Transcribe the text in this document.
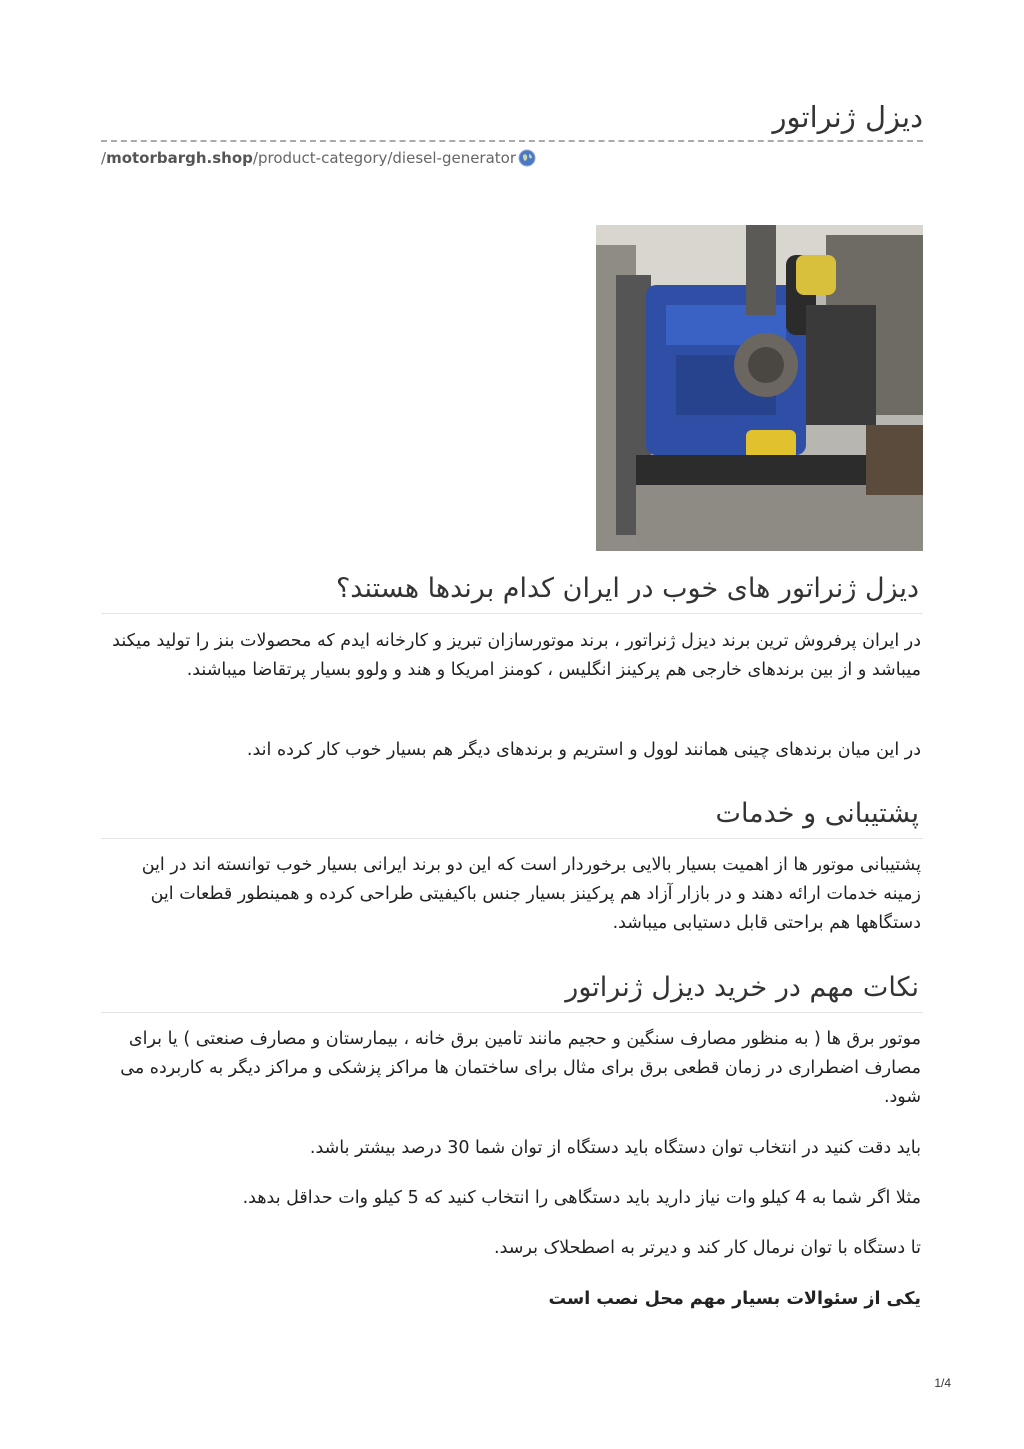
دیزل ژنراتور
/ motorbargh.shop /product-category/diesel-generator
دیزل ژنراتور های خوب در ایران کدام برندها هستند؟
در ایران پرفروش ترین برند دیزل ژنراتور ، برند موتورسازان تبریز و کارخانه ایدم که محصولات بنز را تولید میکند میباشد و از بین برندهای خارجی هم پرکینز انگلیس ، کومنز امریکا و هند و ولوو بسیار پرتقاضا میباشند.
در این میان برندهای چینی همانند لوول و استریم و برندهای دیگر هم بسیار خوب کار کرده اند.
پشتیبانی و خدمات
پشتیبانی موتور ها از اهمیت بسیار بالایی برخوردار است که این دو برند ایرانی بسیار خوب توانسته اند در این زمینه خدمات ارائه دهند و در بازار آزاد هم پرکینز بسیار جنس باکیفیتی طراحی کرده و همینطور قطعات این دستگاهها هم براحتی قابل دستیابی میباشد.
نکات مهم در خرید دیزل ژنراتور
موتور برق ها ( به منظور مصارف سنگین و حجیم مانند تامین برق خانه ، بیمارستان و مصارف صنعتی ) یا برای مصارف اضطراری در زمان قطعی برق برای مثال برای ساختمان ها مراکز پزشکی و مراکز دیگر به کاربرده می شود.
باید دقت کنید در انتخاب توان دستگاه باید دستگاه از توان شما 30 درصد بیشتر باشد.
مثلا اگر شما به 4 کیلو وات نیاز دارید باید دستگاهی را انتخاب کنید که 5 کیلو وات حداقل بدهد.
تا دستگاه با توان نرمال کار کند و دیرتر به اصطحلاک برسد.
یکی از سئوالات بسیار مهم محل نصب است
1/4
